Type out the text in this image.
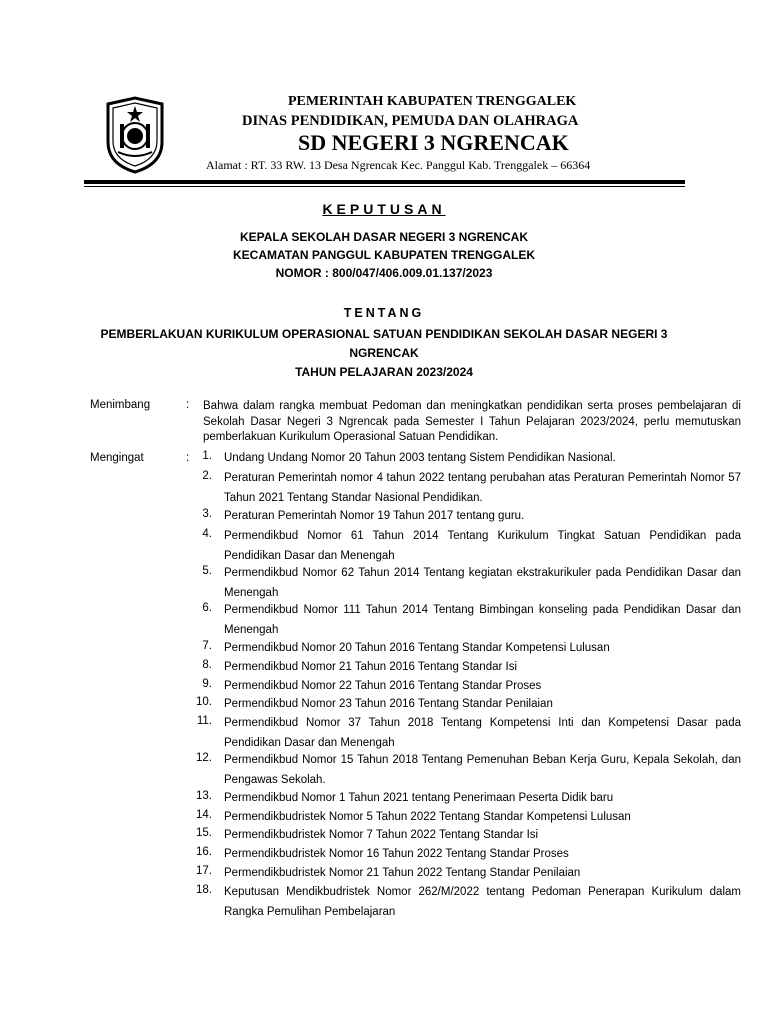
PEMERINTAH KABUPATEN TRENGGALEK
DINAS PENDIDIKAN, PEMUDA DAN OLAHRAGA
SD NEGERI 3 NGRENCAK
Alamat : RT. 33 RW. 13 Desa Ngrencak Kec. Panggul Kab. Trenggalek – 66364
KEPUTUSAN
KEPALA SEKOLAH DASAR NEGERI 3 NGRENCAK
KECAMATAN PANGGUL KABUPATEN TRENGGALEK
NOMOR : 800/047/406.009.01.137/2023
TENTANG
PEMBERLAKUAN KURIKULUM OPERASIONAL SATUAN PENDIDIKAN SEKOLAH DASAR NEGERI 3
NGRENCAK
TAHUN PELAJARAN 2023/2024
Menimbang	: Bahwa dalam rangka membuat Pedoman dan meningkatkan pendidikan serta proses pembelajaran di Sekolah Dasar Negeri 3 Ngrencak pada Semester I Tahun Pelajaran 2023/2024, perlu memutuskan pemberlakuan Kurikulum Operasional Satuan Pendidikan.
Mengingat	:	1. Undang Undang Nomor 20 Tahun 2003 tentang Sistem Pendidikan Nasional.
2. Peraturan Pemerintah nomor 4 tahun 2022 tentang perubahan atas Peraturan Pemerintah Nomor 57 Tahun 2021 Tentang Standar Nasional Pendidikan.
3. Peraturan Pemerintah Nomor 19 Tahun 2017 tentang guru.
4. Permendikbud Nomor 61 Tahun 2014 Tentang Kurikulum Tingkat Satuan Pendidikan pada Pendidikan Dasar dan Menengah
5. Permendikbud Nomor 62 Tahun 2014 Tentang kegiatan ekstrakurikuler pada Pendidikan Dasar dan Menengah
6. Permendikbud Nomor 111 Tahun 2014 Tentang Bimbingan konseling pada Pendidikan Dasar dan Menengah
7. Permendikbud Nomor 20 Tahun 2016 Tentang Standar Kompetensi Lulusan
8. Permendikbud Nomor 21 Tahun 2016 Tentang Standar Isi
9. Permendikbud Nomor 22 Tahun 2016 Tentang Standar Proses
10. Permendikbud Nomor 23 Tahun 2016 Tentang Standar Penilaian
11. Permendikbud Nomor 37 Tahun 2018 Tentang Kompetensi Inti dan Kompetensi Dasar pada Pendidikan Dasar dan Menengah
12. Permendikbud Nomor 15 Tahun 2018 Tentang Pemenuhan Beban Kerja Guru, Kepala Sekolah, dan Pengawas Sekolah.
13. Permendikbud Nomor 1 Tahun 2021 tentang Penerimaan Peserta Didik baru
14. Permendikbudristek Nomor 5 Tahun 2022 Tentang Standar Kompetensi Lulusan
15. Permendikbudristek Nomor 7 Tahun 2022 Tentang Standar Isi
16. Permendikbudristek Nomor 16 Tahun 2022 Tentang Standar Proses
17. Permendikbudristek Nomor 21 Tahun 2022 Tentang Standar Penilaian
18. Keputusan Mendikbudristek Nomor 262/M/2022 tentang Pedoman Penerapan Kurikulum dalam Rangka Pemulihan Pembelajaran
